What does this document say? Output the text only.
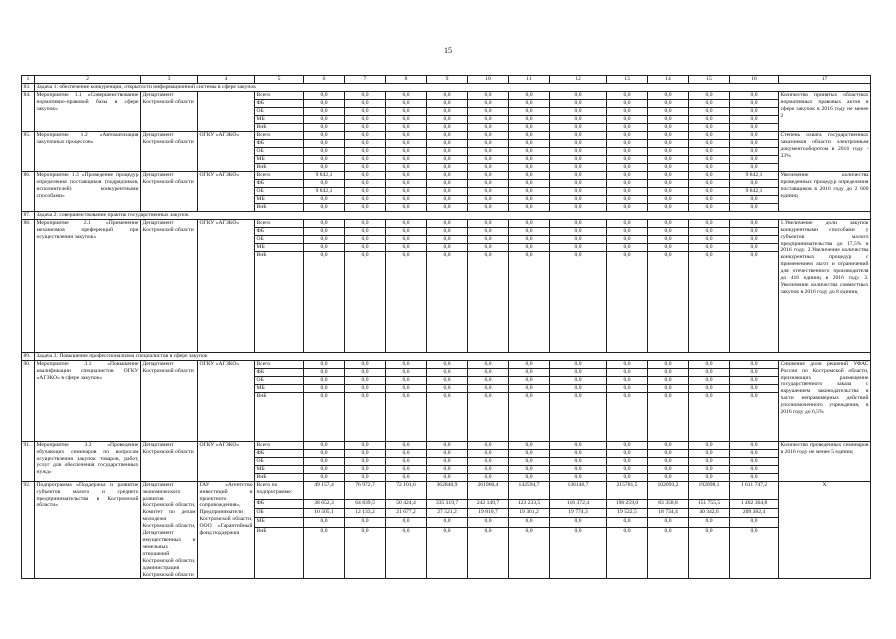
15
1	2	3	4	5	6	7	8	9	10	11	12	13	14	15	16	17
83.	Задача 1: обеспечение конкуренции, открытости информационной системы в сфере закупок															
84.	Мероприятие 1.1 «Совершенствование нормативно-правовой базы в сфере закупок»	Департамент Костромской области		Всего	0,0	0,0	0,0	0,0	0,0	0,0	0,0	0,0	0,0	0,0	0,0	Количество принятых областных нормативных правовых актов в сфере закупок в 2016 году не менее 2
				ФБ	0,0	0,0	0,0	0,0	0,0	0,0	0,0	0,0	0,0	0,0	0,0	
				ОБ	0,0	0,0	0,0	0,0	0,0	0,0	0,0	0,0	0,0	0,0	0,0	
				МБ	0,0	0,0	0,0	0,0	0,0	0,0	0,0	0,0	0,0	0,0	0,0	
				ВнБ	0,0	0,0	0,0	0,0	0,0	0,0	0,0	0,0	0,0	0,0	0,0	
85.	Мероприятие 1.2 «Автоматизация закупочных процессов»	Департамент Костромской области	ОГКУ «АГЗКО»	Всего	0,0	0,0	0,0	0,0	0,0	0,0	0,0	0,0	0,0	0,0	0,0	Степень охвата государственных заказчиков области электронным документооборотом в 2016 году - 33%
				ФБ	0,0	0,0	0,0	0,0	0,0	0,0	0,0	0,0	0,0	0,0	0,0	
				ОБ	0,0	0,0	0,0	0,0	0,0	0,0	0,0	0,0	0,0	0,0	0,0	
				МБ	0,0	0,0	0,0	0,0	0,0	0,0	0,0	0,0	0,0	0,0	0,0	
				ВнБ	0,0	0,0	0,0	0,0	0,0	0,0	0,0	0,0	0,0	0,0	0,0	
86.	Мероприятие 1.3 «Проведение процедур определения поставщиков (подрядчиков, исполнителей) конкурентными способами»	Департамент Костромской области	ОГКУ «АГЗКО»	Всего	9 842,1	0,0	0,0	0,0	0,0	0,0	0,0	0,0	0,0	0,0	9 842,1	Увеличение количества проведенных процедур определения поставщиков в 2016 году до 2 600 единиц
				ФБ	0,0	0,0	0,0	0,0	0,0	0,0	0,0	0,0	0,0	0,0	0,0	
				ОБ	9 842,1	0,0	0,0	0,0	0,0	0,0	0,0	0,0	0,0	0,0	9 842,1	
				МБ	0,0	0,0	0,0	0,0	0,0	0,0	0,0	0,0	0,0	0,0	0,0	
				ВнБ	0,0	0,0	0,0	0,0	0,0	0,0	0,0	0,0	0,0	0,0	0,0	
87.	Задача 2: совершенствование практик государственных закупок															
88.	Мероприятие 2.1 «Применение механизмов преференций при осуществлении закупок»	Департамент Костромской области	ОГКУ «АГЗКО»	Всего	0,0	0,0	0,0	0,0	0,0	0,0	0,0	0,0	0,0	0,0	0,0	1.Увеличение доли закупок конкурентными способами у субъектов малого предпринимательства до 17,5% в 2016 году. 2.Увеличение количества конкурентных процедур с применением льгот и ограничений для отечественного производителя до 416 единиц в 2016 году. 3. Увеличение количества совместных закупок в 2016 году до 8 единиц
				ФБ	0,0	0,0	0,0	0,0	0,0	0,0	0,0	0,0	0,0	0,0	0,0	
				ОБ	0,0	0,0	0,0	0,0	0,0	0,0	0,0	0,0	0,0	0,0	0,0	
				МБ	0,0	0,0	0,0	0,0	0,0	0,0	0,0	0,0	0,0	0,0	0,0	
				ВнБ	0,0	0,0	0,0	0,0	0,0	0,0	0,0	0,0	0,0	0,0	0,0	
89.	Задача 3: Повышение профессионализма специалистов в сфере закупок															
90.	Мероприятие 3.1 «Повышение квалификации специалистов ОГКУ «АГЗКО» в сфере закупок»	Департамент Костромской области	ОГКУ «АГЗКО»	Всего	0,0	0,0	0,0	0,0	0,0	0,0	0,0	0,0	0,0	0,0	0,0	Снижение доли решений УФАС России по Костромской области, признающих размещение государственного заказа с нарушением законодательства в части неправомерных действий уполномоченного учреждения, в 2016 году до 6,5%
				ФБ	0,0	0,0	0,0	0,0	0,0	0,0	0,0	0,0	0,0	0,0	0,0	
				ОБ	0,0	0,0	0,0	0,0	0,0	0,0	0,0	0,0	0,0	0,0	0,0	
				МБ	0,0	0,0	0,0	0,0	0,0	0,0	0,0	0,0	0,0	0,0	0,0	
				ВнБ	0,0	0,0	0,0	0,0	0,0	0,0	0,0	0,0	0,0	0,0	0,0	
91.	Мероприятие 3.2 «Проведение обучающих семинаров по вопросам осуществления закупок товаров, работ, услуг для обеспечения государственных нужд»	Департамент Костромской области	ОГКУ «АГЗКО»	Всего	0,0	0,0	0,0	0,0	0,0	0,0	0,0	0,0	0,0	0,0	0,0	Количество проведенных семинаров в 2016 году не менее 5 единиц
				ФБ	0,0	0,0	0,0	0,0	0,0	0,0	0,0	0,0	0,0	0,0	0,0	
				ОБ	0,0	0,0	0,0	0,0	0,0	0,0	0,0	0,0	0,0	0,0	0,0	
				МБ	0,0	0,0	0,0	0,0	0,0	0,0	0,0	0,0	0,0	0,0	0,0	
				ВнБ	0,0	0,0	0,0	0,0	0,0	0,0	0,0	0,0	0,0	0,0	0,0	
92.	Подпрограмма «Поддержка и развитие субъектов малого и среднего предпринимательства в Костромской области»	Департамент экономического развития Костромской области, Комитет по делам молодежи Костромской области, Департамент имущественных и земельных отношений Костромской области, администрация Костромской области	ГАУ «Агентство инвестиций и проектного сопровождения», Предприниматели Костромской области, ООО «Гарантийный фонд поддержки	Всего по подпрограмме:	49 157,4	76 972,7	72 101,6	362840,9	261960,4	142594,7	136146,7	215781,5	102093,2	192098,1	1 611 747,2	X
				ФБ	38 652,3	64 839,5	50 424,4	335 319,7	242 149,7	123 233,5	116 372,4	196 259,0	83 358,8	151 755,5	1 402 364,8	
				ОБ	10 505,1	12 133,2	21 677,2	27 521,2	19 810,7	19 361,2	19 774,3	19 522,5	18 734,4	40 342,6	209 382,4	
				МБ	0,0	0,0	0,0	0,0	0,0	0,0	0,0	0,0	0,0	0,0	0,0	
				ВнБ	0,0	0,0	0,0	0,0	0,0	0,0	0,0	0,0	0,0	0,0	0,0	
